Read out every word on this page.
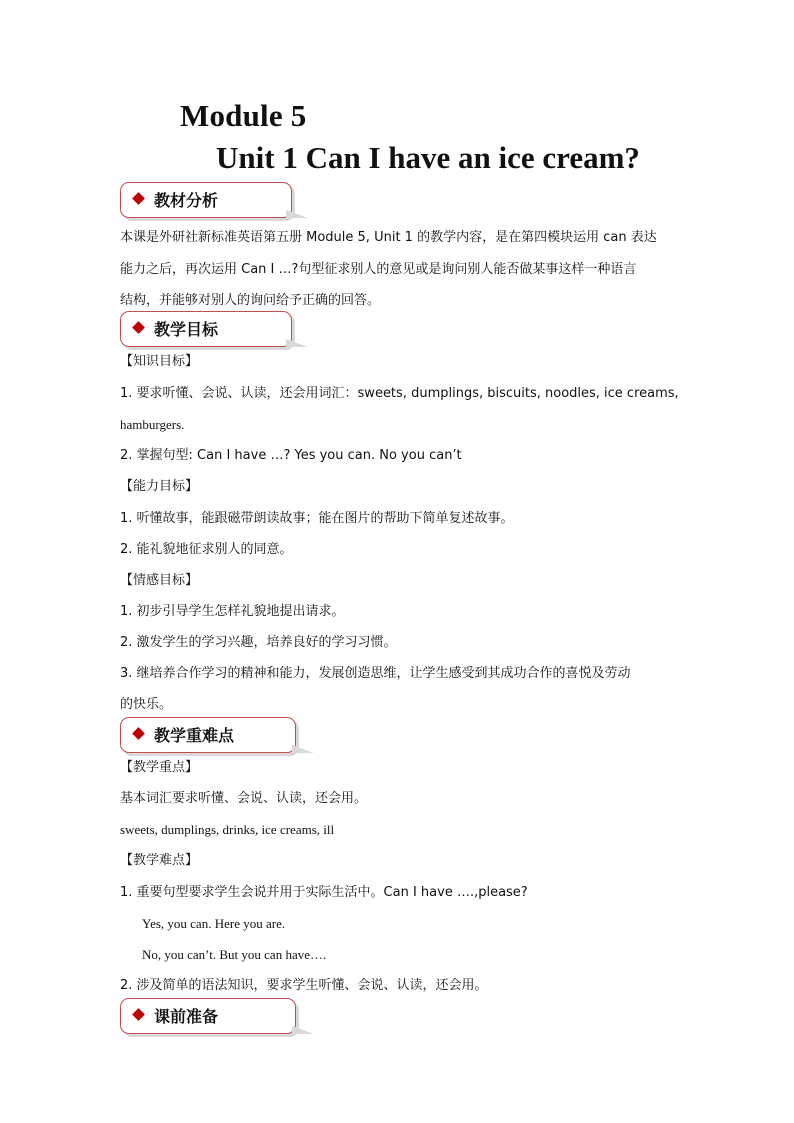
Module 5
Unit 1 Can I have an ice cream?
教材分析
本课是外研社新标准英语第五册 Module 5, Unit 1 的教学内容，是在第四模块运用 can 表达
能力之后，再次运用 Can I …?句型征求别人的意见或是询问别人能否做某事这样一种语言
结构，并能够对别人的询问给予正确的回答。
教学目标
【知识目标】
1. 要求听懂、会说、认读，还会用词汇：sweets, dumplings, biscuits, noodles, ice creams,
hamburgers.
2. 掌握句型: Can I have …? Yes you can. No you can’t
【能力目标】
1. 听懂故事，能跟磁带朗读故事；能在图片的帮助下简单复述故事。
2. 能礼貌地征求别人的同意。
【情感目标】
1. 初步引导学生怎样礼貌地提出请求。
2. 激发学生的学习兴趣，培养良好的学习习惯。
3. 继培养合作学习的精神和能力，发展创造思维，让学生感受到其成功合作的喜悦及劳动
的快乐。
教学重难点
【教学重点】
基本词汇要求听懂、会说、认读，还会用。
sweets, dumplings, drinks, ice creams, ill
【教学难点】
1. 重要句型要求学生会说并用于实际生活中。Can I have ….,please?
Yes, you can. Here you are.
No, you can’t. But you can have….
2. 涉及简单的语法知识，要求学生听懂、会说、认读，还会用。
课前准备
